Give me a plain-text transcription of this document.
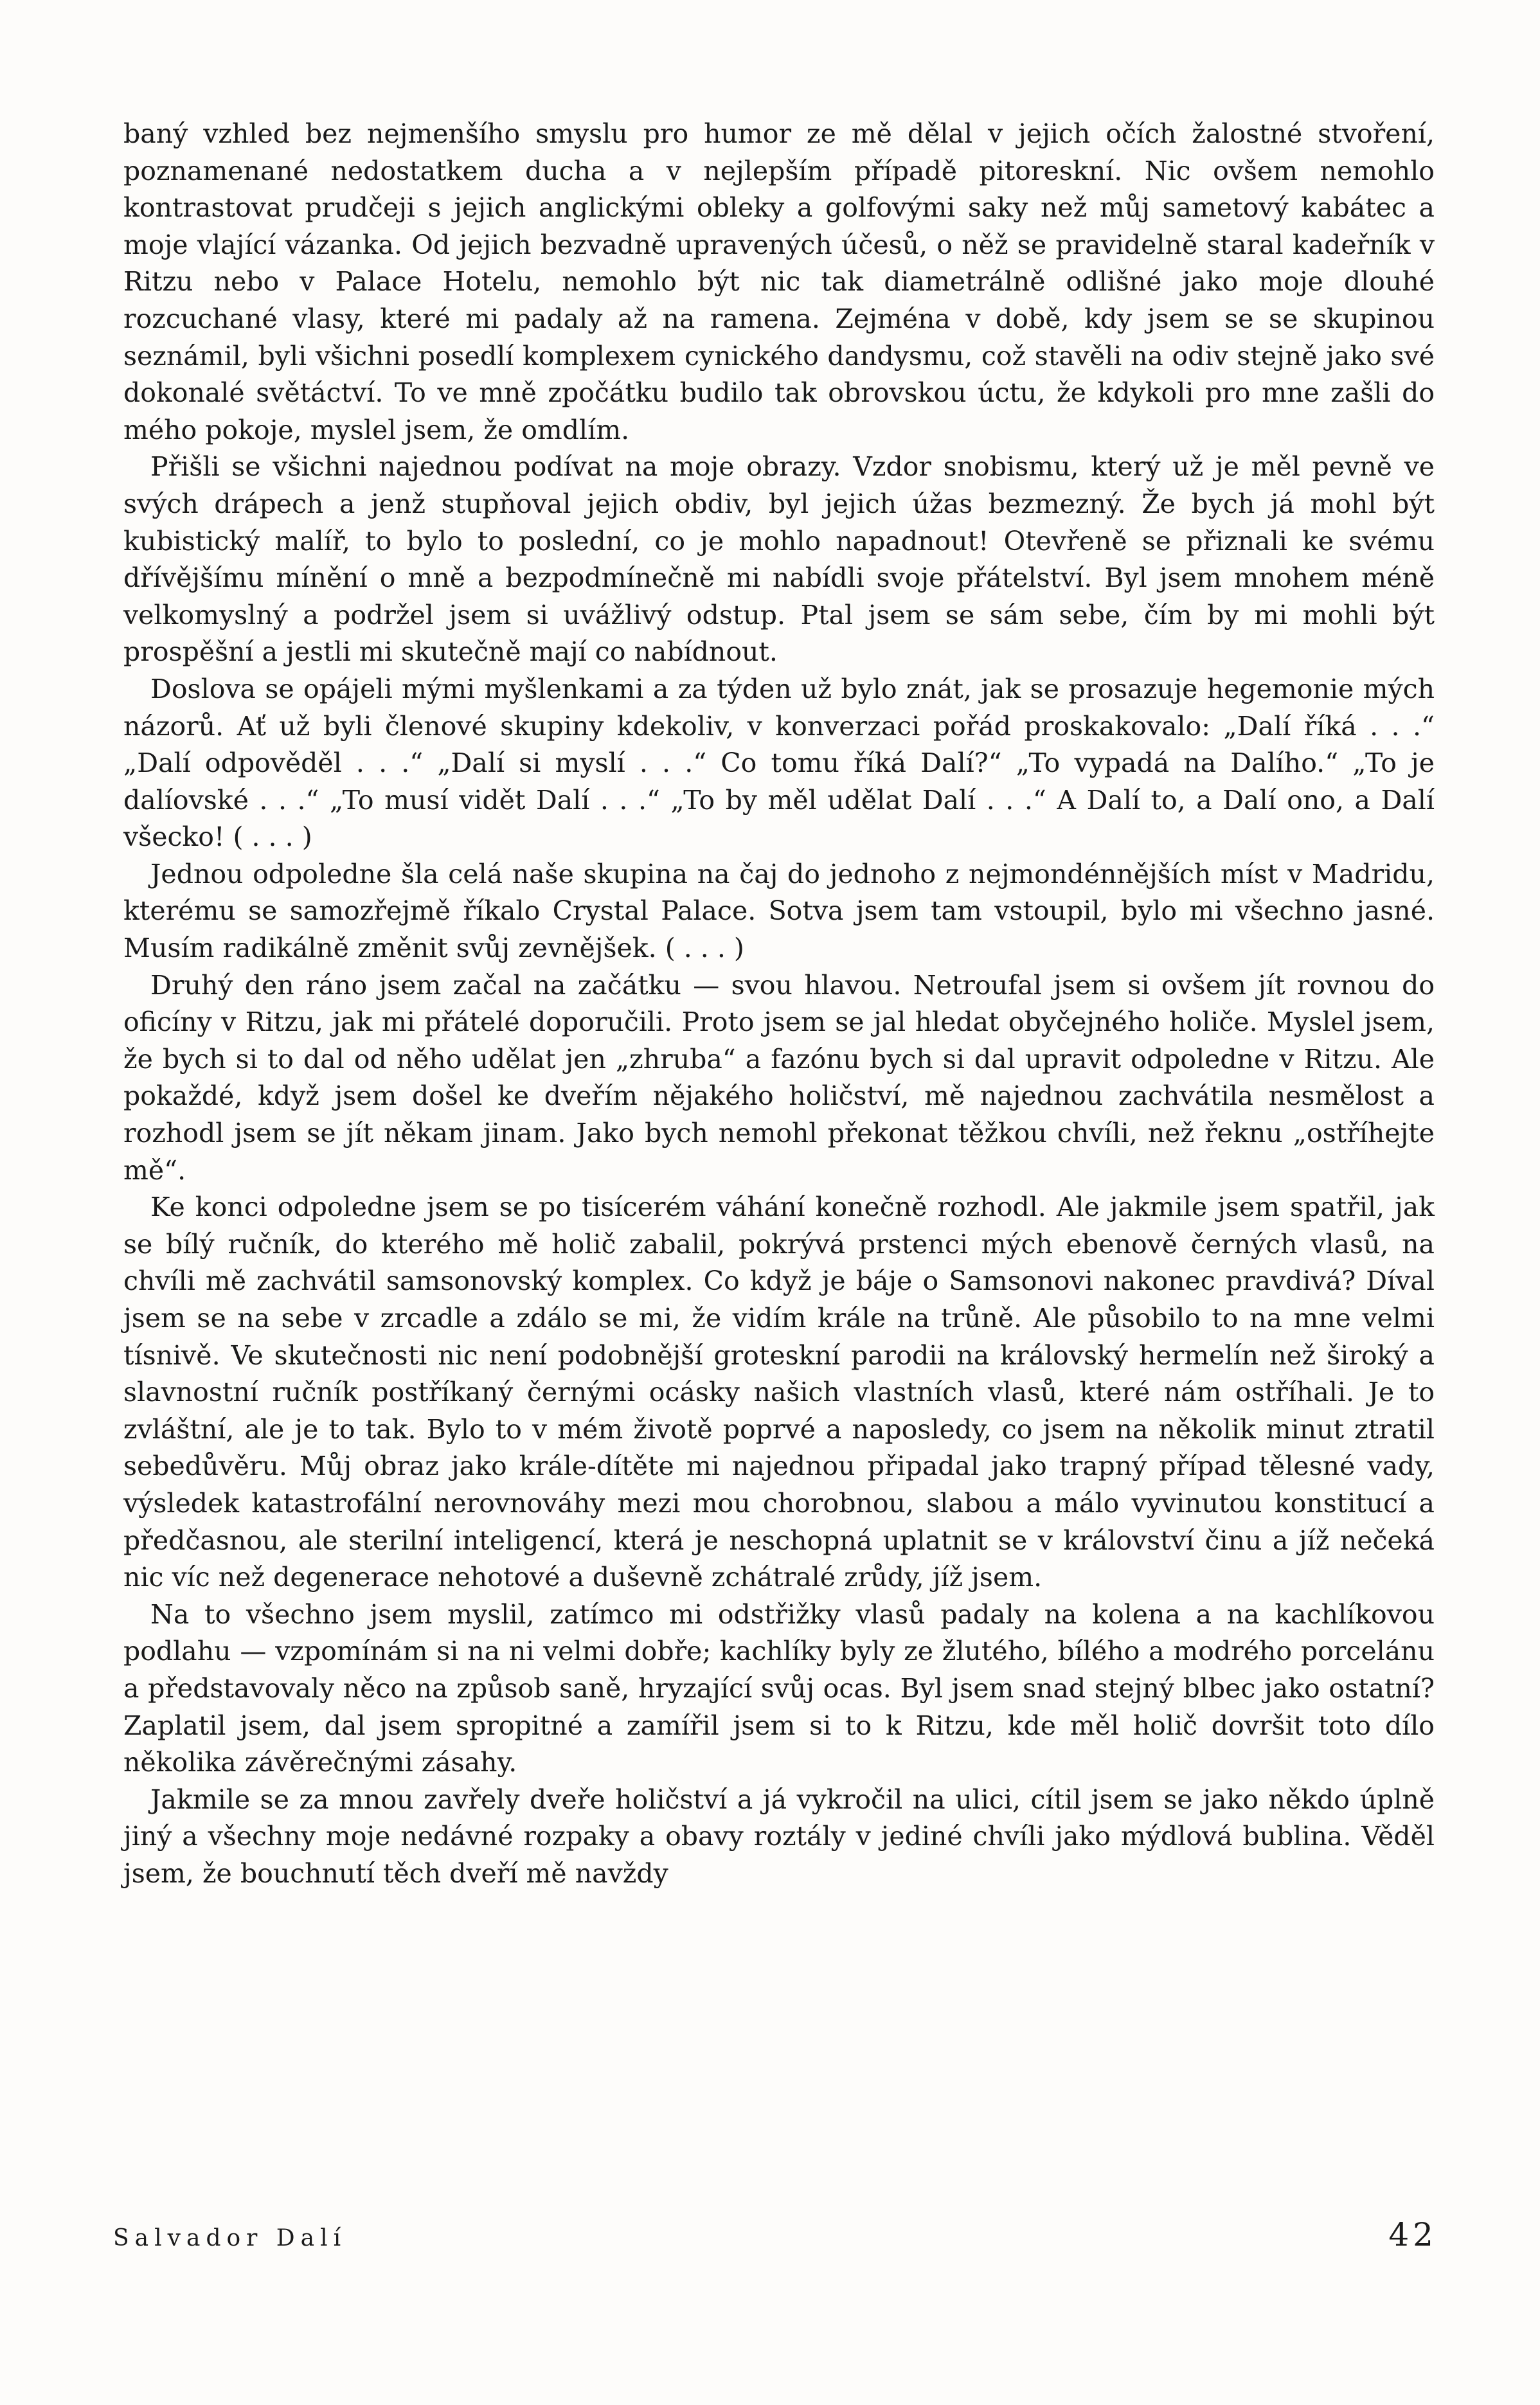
baný vzhled bez nejmenšího smyslu pro humor ze mě dělal v jejich očích žalostné stvoření, poznamenané nedostatkem ducha a v nejlepším případě pitoreskní. Nic ovšem nemohlo kontrastovat prudčeji s jejich anglickými obleky a golfovými saky než můj sametový kabátec a moje vlající vázanka. Od jejich bezvadně upravených účesů, o něž se pravidelně staral kadeřník v Ritzu nebo v Palace Hotelu, nemohlo být nic tak diametrálně odlišné jako moje dlouhé rozcuchané vlasy, které mi padaly až na ramena. Zejména v době, kdy jsem se se skupinou seznámil, byli všichni posedlí komplexem cynického dandysmu, což stavěli na odiv stejně jako své dokonalé světáctví. To ve mně zpočátku budilo tak obrovskou úctu, že kdykoli pro mne zašli do mého pokoje, myslel jsem, že omdlím.

Přišli se všichni najednou podívat na moje obrazy. Vzdor snobismu, který už je měl pevně ve svých drápech a jenž stupňoval jejich obdiv, byl jejich úžas bezmezný. Že bych já mohl být kubistický malíř, to bylo to poslední, co je mohlo napadnout! Otevřeně se přiznali ke svému dřívějšímu mínění o mně a bezpodmínečně mi nabídli svoje přátelství. Byl jsem mnohem méně velkomyslný a podržel jsem si uvážlivý odstup. Ptal jsem se sám sebe, čím by mi mohli být prospěšní a jestli mi skutečně mají co nabídnout.

Doslova se opájeli mými myšlenkami a za týden už bylo znát, jak se prosazuje hegemonie mých názorů. Ať už byli členové skupiny kdekoliv, v konverzaci pořád proskakovalo: „Dalí říká . . .“ „Dalí odpověděl . . .“ „Dalí si myslí . . .“ Co tomu říká Dalí?“ „To vypadá na Dalího.“ „To je dalíovské . . .“ „To musí vidět Dalí . . .“ „To by měl udělat Dalí . . .“ A Dalí to, a Dalí ono, a Dalí všecko! ( . . . )

Jednou odpoledne šla celá naše skupina na čaj do jednoho z nejmondénnějších míst v Madridu, kterému se samozřejmě říkalo Crystal Palace. Sotva jsem tam vstoupil, bylo mi všechno jasné. Musím radikálně změnit svůj zevnějšek. ( . . . )

Druhý den ráno jsem začal na začátku — svou hlavou. Netroufal jsem si ovšem jít rovnou do oficíny v Ritzu, jak mi přátelé doporučili. Proto jsem se jal hledat obyčejného holiče. Myslel jsem, že bych si to dal od něho udělat jen „zhruba“ a fazónu bych si dal upravit odpoledne v Ritzu. Ale pokaždé, když jsem došel ke dveřím nějakého holičství, mě najednou zachvátila nesmělost a rozhodl jsem se jít někam jinam. Jako bych nemohl překonat těžkou chvíli, než řeknu „ostříhejte mě“.

Ke konci odpoledne jsem se po tisícerém váhání konečně rozhodl. Ale jakmile jsem spatřil, jak se bílý ručník, do kterého mě holič zabalil, pokrývá prstenci mých ebenově černých vlasů, na chvíli mě zachvátil samsonovský komplex. Co když je báje o Samsonovi nakonec pravdivá? Díval jsem se na sebe v zrcadle a zdálo se mi, že vidím krále na trůně. Ale působilo to na mne velmi tísnivě. Ve skutečnosti nic není podobnější groteskní parodii na královský hermelín než široký a slavnostní ručník postříkaný černými ocásky našich vlastních vlasů, které nám ostříhali. Je to zvláštní, ale je to tak. Bylo to v mém životě poprvé a naposledy, co jsem na několik minut ztratil sebedůvěru. Můj obraz jako krále-dítěte mi najednou připadal jako trapný případ tělesné vady, výsledek katastrofální nerovnováhy mezi mou chorobnou, slabou a málo vyvinutou konstitucí a předčasnou, ale sterilní inteligencí, která je neschopná uplatnit se v království činu a jíž nečeká nic víc než degenerace nehotové a duševně zchátralé zrůdy, jíž jsem.

Na to všechno jsem myslil, zatímco mi odstřižky vlasů padaly na kolena a na kachlíkovou podlahu — vzpomínám si na ni velmi dobře; kachlíky byly ze žlutého, bílého a modrého porcelánu a představovaly něco na způsob saně, hryzající svůj ocas. Byl jsem snad stejný blbec jako ostatní? Zaplatil jsem, dal jsem spropitné a zamířil jsem si to k Ritzu, kde měl holič dovršit toto dílo několika závěrečnými zásahy.

Jakmile se za mnou zavřely dveře holičství a já vykročil na ulici, cítil jsem se jako někdo úplně jiný a všechny moje nedávné rozpaky a obavy roztály v jediné chvíli jako mýdlová bublina. Věděl jsem, že bouchnutí těch dveří mě navždy

Salvador Dalí	42
